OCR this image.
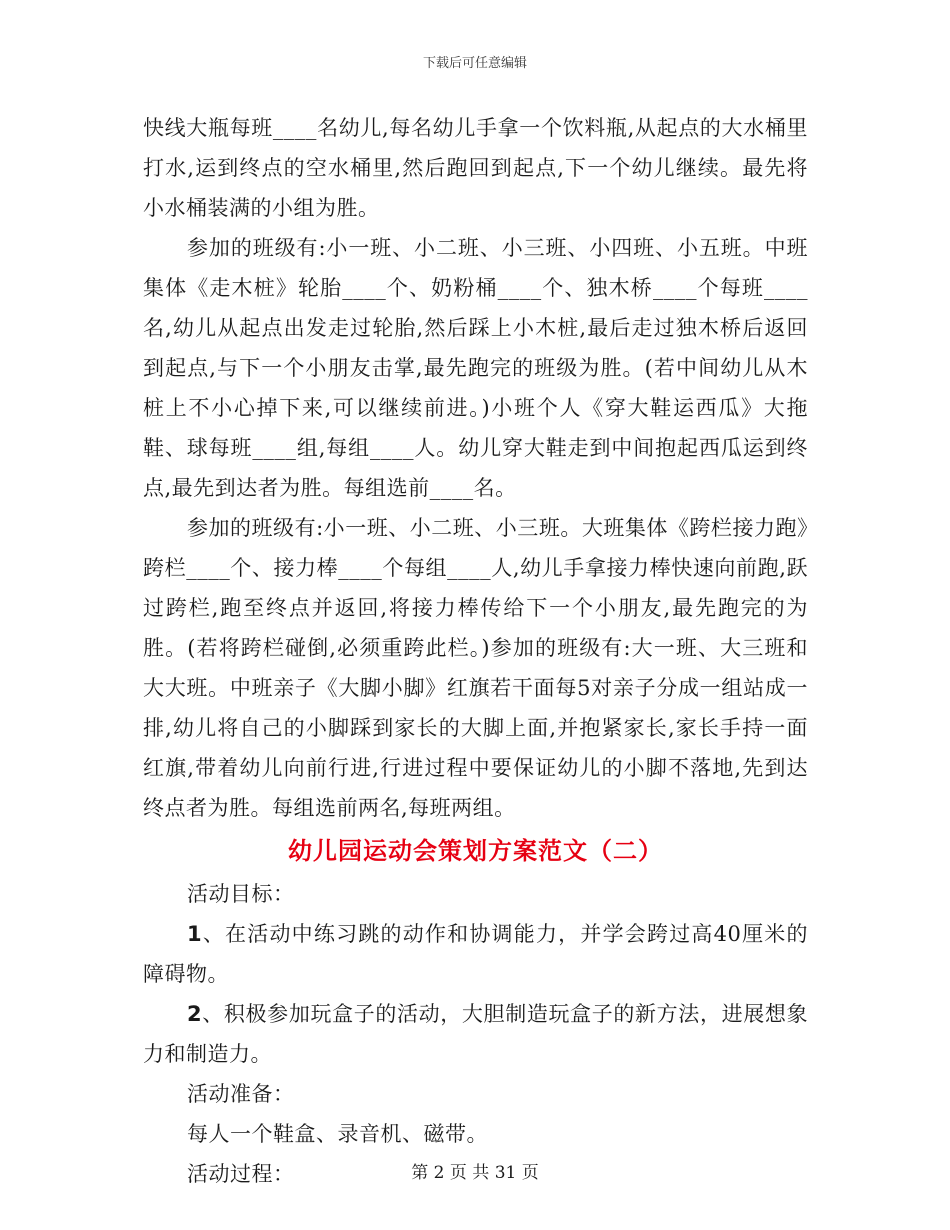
下载后可任意编辑

快线大瓶每班____名幼儿,每名幼儿手拿一个饮料瓶,从起点的大水桶里打水,运到终点的空水桶里,然后跑回到起点,下一个幼儿继续。最先将小水桶装满的小组为胜。

参加的班级有:小一班、小二班、小三班、小四班、小五班。中班集体《走木桩》轮胎____个、奶粉桶____个、独木桥____个每班____名,幼儿从起点出发走过轮胎,然后踩上小木桩,最后走过独木桥后返回到起点,与下一个小朋友击掌,最先跑完的班级为胜。(若中间幼儿从木桩上不小心掉下来,可以继续前进。)小班个人《穿大鞋运西瓜》大拖鞋、球每班____组,每组____人。幼儿穿大鞋走到中间抱起西瓜运到终点,最先到达者为胜。每组选前____名。

参加的班级有:小一班、小二班、小三班。大班集体《跨栏接力跑》跨栏____个、接力棒____个每组____人,幼儿手拿接力棒快速向前跑,跃过跨栏,跑至终点并返回,将接力棒传给下一个小朋友,最先跑完的为胜。(若将跨栏碰倒,必须重跨此栏。)参加的班级有:大一班、大三班和大大班。中班亲子《大脚小脚》红旗若干面每5对亲子分成一组站成一排,幼儿将自己的小脚踩到家长的大脚上面,并抱紧家长,家长手持一面红旗,带着幼儿向前行进,行进过程中要保证幼儿的小脚不落地,先到达终点者为胜。每组选前两名,每班两组。

幼儿园运动会策划方案范文（二）

活动目标：

1、在活动中练习跳的动作和协调能力，并学会跨过高40厘米的障碍物。

2、积极参加玩盒子的活动，大胆制造玩盒子的新方法，进展想象力和制造力。

活动准备：

每人一个鞋盒、录音机、磁带。

活动过程：	第 2 页 共 31 页
